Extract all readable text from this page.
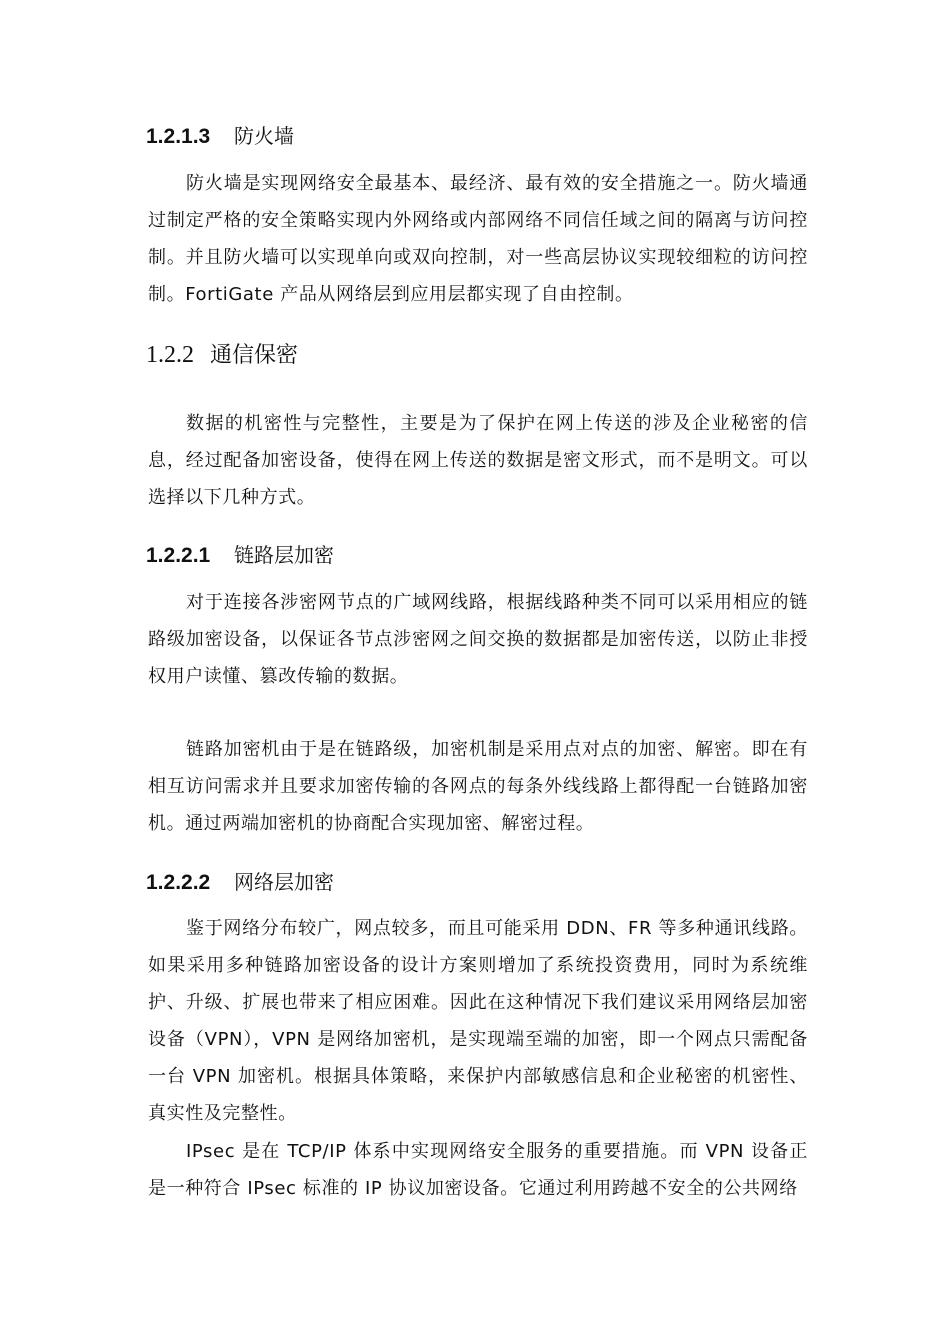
1.2.1.3 防火墙

防火墙是实现网络安全最基本、最经济、最有效的安全措施之一。防火墙通过制定严格的安全策略实现内外网络或内部网络不同信任域之间的隔离与访问控制。并且防火墙可以实现单向或双向控制，对一些高层协议实现较细粒的访问控制。FortiGate 产品从网络层到应用层都实现了自由控制。

1.2.2 通信保密

数据的机密性与完整性，主要是为了保护在网上传送的涉及企业秘密的信息，经过配备加密设备，使得在网上传送的数据是密文形式，而不是明文。可以选择以下几种方式。

1.2.2.1 链路层加密

对于连接各涉密网节点的广域网线路，根据线路种类不同可以采用相应的链路级加密设备，以保证各节点涉密网之间交换的数据都是加密传送，以防止非授权用户读懂、篡改传输的数据。

链路加密机由于是在链路级，加密机制是采用点对点的加密、解密。即在有相互访问需求并且要求加密传输的各网点的每条外线线路上都得配一台链路加密机。通过两端加密机的协商配合实现加密、解密过程。

1.2.2.2 网络层加密

鉴于网络分布较广，网点较多，而且可能采用 DDN、FR 等多种通讯线路。如果采用多种链路加密设备的设计方案则增加了系统投资费用，同时为系统维护、升级、扩展也带来了相应困难。因此在这种情况下我们建议采用网络层加密设备（VPN），VPN 是网络加密机，是实现端至端的加密，即一个网点只需配备一台 VPN 加密机。根据具体策略，来保护内部敏感信息和企业秘密的机密性、真实性及完整性。

IPsec 是在 TCP/IP 体系中实现网络安全服务的重要措施。而 VPN 设备正是一种符合 IPsec 标准的 IP 协议加密设备。它通过利用跨越不安全的公共网络
